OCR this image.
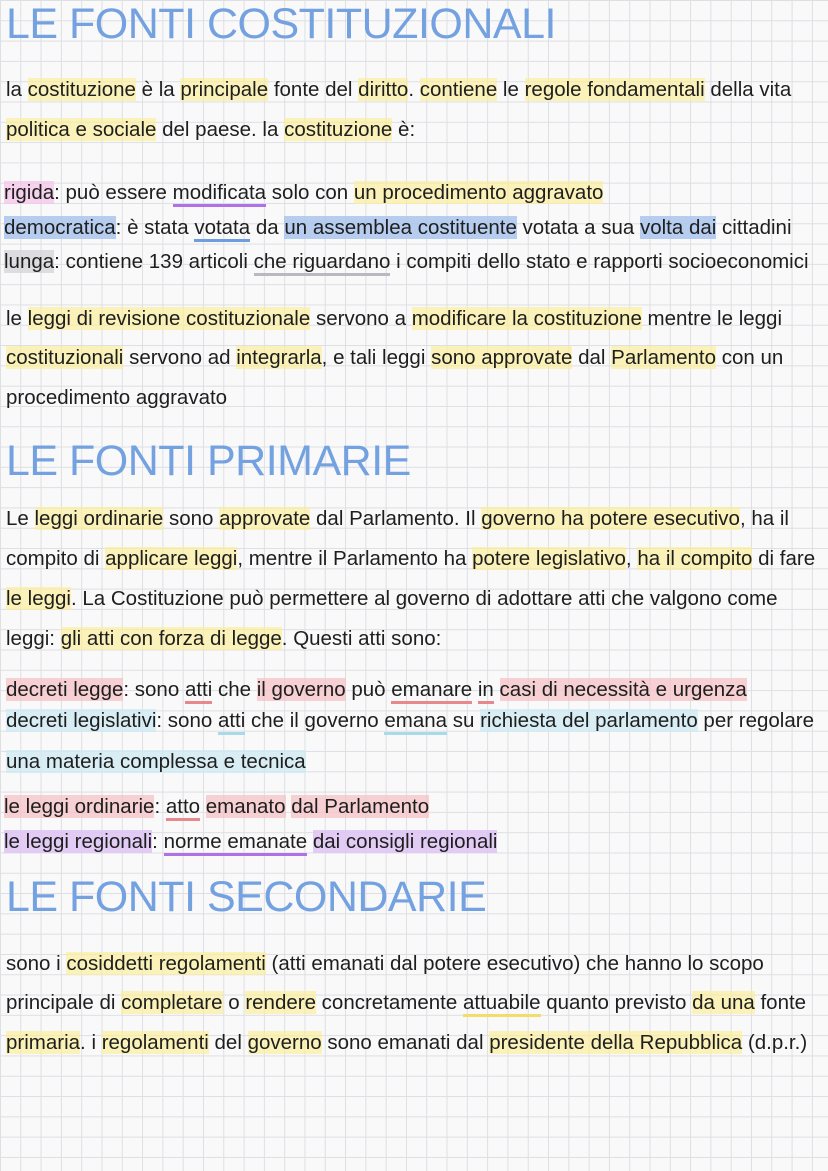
LE FONTI COSTITUZIONALI
la costituzione è la principale fonte del diritto. contiene le regole fondamentali della vita
politica e sociale del paese. la costituzione è:
rigida: può essere modificata solo con un procedimento aggravato
democratica: è stata votata da un assemblea costituente votata a sua volta dai cittadini
lunga: contiene 139 articoli che riguardano i compiti dello stato e rapporti socioeconomici
le leggi di revisione costituzionale servono a modificare la costituzione mentre le leggi
costituzionali servono ad integrarla, e tali leggi sono approvate dal Parlamento con un
procedimento aggravato
LE FONTI PRIMARIE
Le leggi ordinarie sono approvate dal Parlamento. Il governo ha potere esecutivo, ha il
compito di applicare leggi, mentre il Parlamento ha potere legislativo, ha il compito di fare
le leggi. La Costituzione può permettere al governo di adottare atti che valgono come
leggi: gli atti con forza di legge. Questi atti sono:
decreti legge: sono atti che il governo può emanare in casi di necessità e urgenza
decreti legislativi: sono atti che il governo emana su richiesta del parlamento per regolare
una materia complessa e tecnica
le leggi ordinarie: atto emanato dal Parlamento
le leggi regionali: norme emanate dai consigli regionali
LE FONTI SECONDARIE
sono i cosiddetti regolamenti (atti emanati dal potere esecutivo) che hanno lo scopo
principale di completare o rendere concretamente attuabile quanto previsto da una fonte
primaria. i regolamenti del governo sono emanati dal presidente della Repubblica (d.p.r.)
